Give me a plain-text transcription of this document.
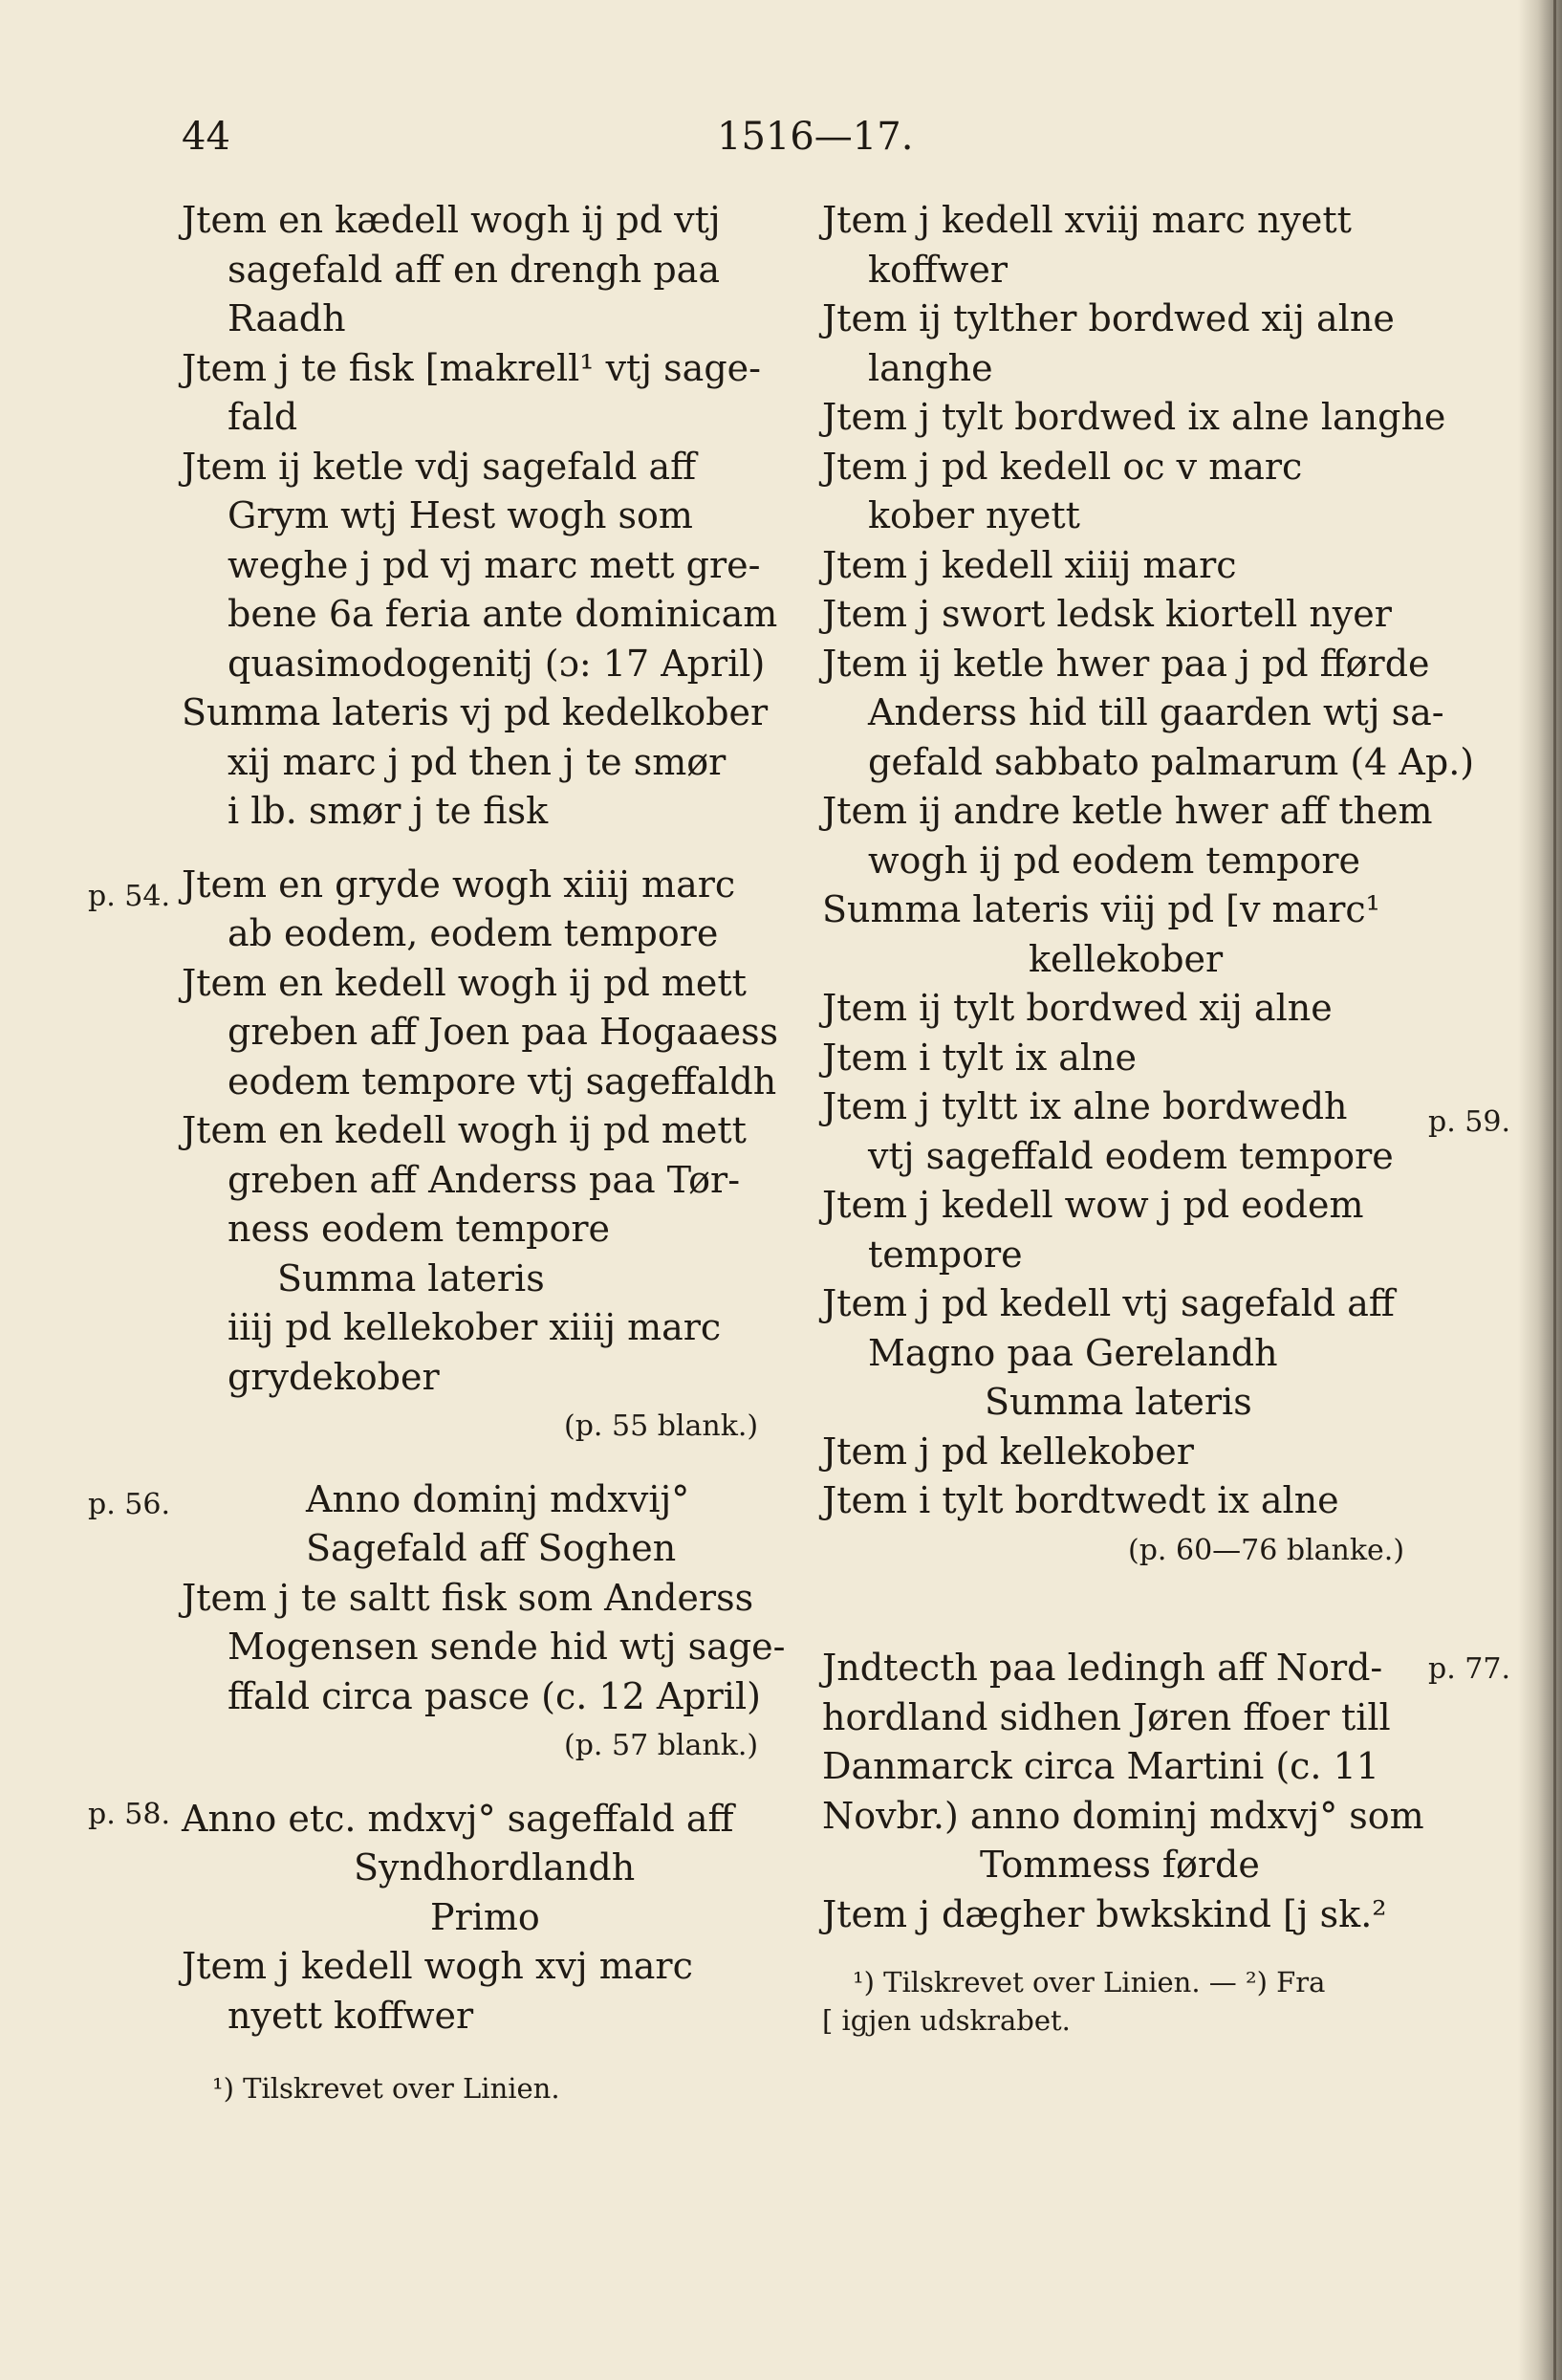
44	1516—17.
p. 54.
p. 56.
p. 58.
p. 59.
p. 77.
Jtem en kædell wogh ij pd vtj
sagefald aff en drengh paa
Raadh
Jtem j te fisk [makrell¹ vtj sage-
fald
Jtem ij ketle vdj sagefald aff
Grym wtj Hest wogh som
weghe j pd vj marc mett gre-
bene 6a feria ante dominicam
quasimodogenitj (ɔ: 17 April)
Summa lateris vj pd kedelkober
xij marc j pd then j te smør
i lb. smør j te fisk
Jtem en gryde wogh xiiij marc
ab eodem, eodem tempore
Jtem en kedell wogh ij pd mett
greben aff Joen paa Hogaaess
eodem tempore vtj sageffaldh
Jtem en kedell wogh ij pd mett
greben aff Anderss paa Tør-
ness eodem tempore
Summa lateris
iiij pd kellekober xiiij marc
grydekober
(p. 55 blank.)
Anno dominj mdxvij°
Sagefald aff Soghen
Jtem j te saltt fisk som Anderss
Mogensen sende hid wtj sage-
ffald circa pasce (c. 12 April)
(p. 57 blank.)
Anno etc. mdxvj° sageffald aff
Syndhordlandh
Primo
Jtem j kedell wogh xvj marc
nyett koffwer
¹) Tilskrevet over Linien.
Jtem j kedell xviij marc nyett
koffwer
Jtem ij tylther bordwed xij alne
langhe
Jtem j tylt bordwed ix alne langhe
Jtem j pd kedell oc v marc
kober nyett
Jtem j kedell xiiij marc
Jtem j swort ledsk kiortell nyer
Jtem ij ketle hwer paa j pd fførde
Anderss hid till gaarden wtj sa-
gefald sabbato palmarum (4 Ap.)
Jtem ij andre ketle hwer aff them
wogh ij pd eodem tempore
Summa lateris viij pd [v marc¹
kellekober
Jtem ij tylt bordwed xij alne
Jtem i tylt ix alne
Jtem j tyltt ix alne bordwedh
vtj sageffald eodem tempore
Jtem j kedell wow j pd eodem
tempore
Jtem j pd kedell vtj sagefald aff
Magno paa Gerelandh
Summa lateris
Jtem j pd kellekober
Jtem i tylt bordtwedt ix alne
(p. 60—76 blanke.)
Jndtecth paa ledingh aff Nord-
hordland sidhen Jøren ffoer till
Danmarck circa Martini (c. 11
Novbr.) anno dominj mdxvj° som
Tommess førde
Jtem j dægher bwkskind [j sk.²
¹) Tilskrevet over Linien. — ²) Fra
[ igjen udskrabet.
